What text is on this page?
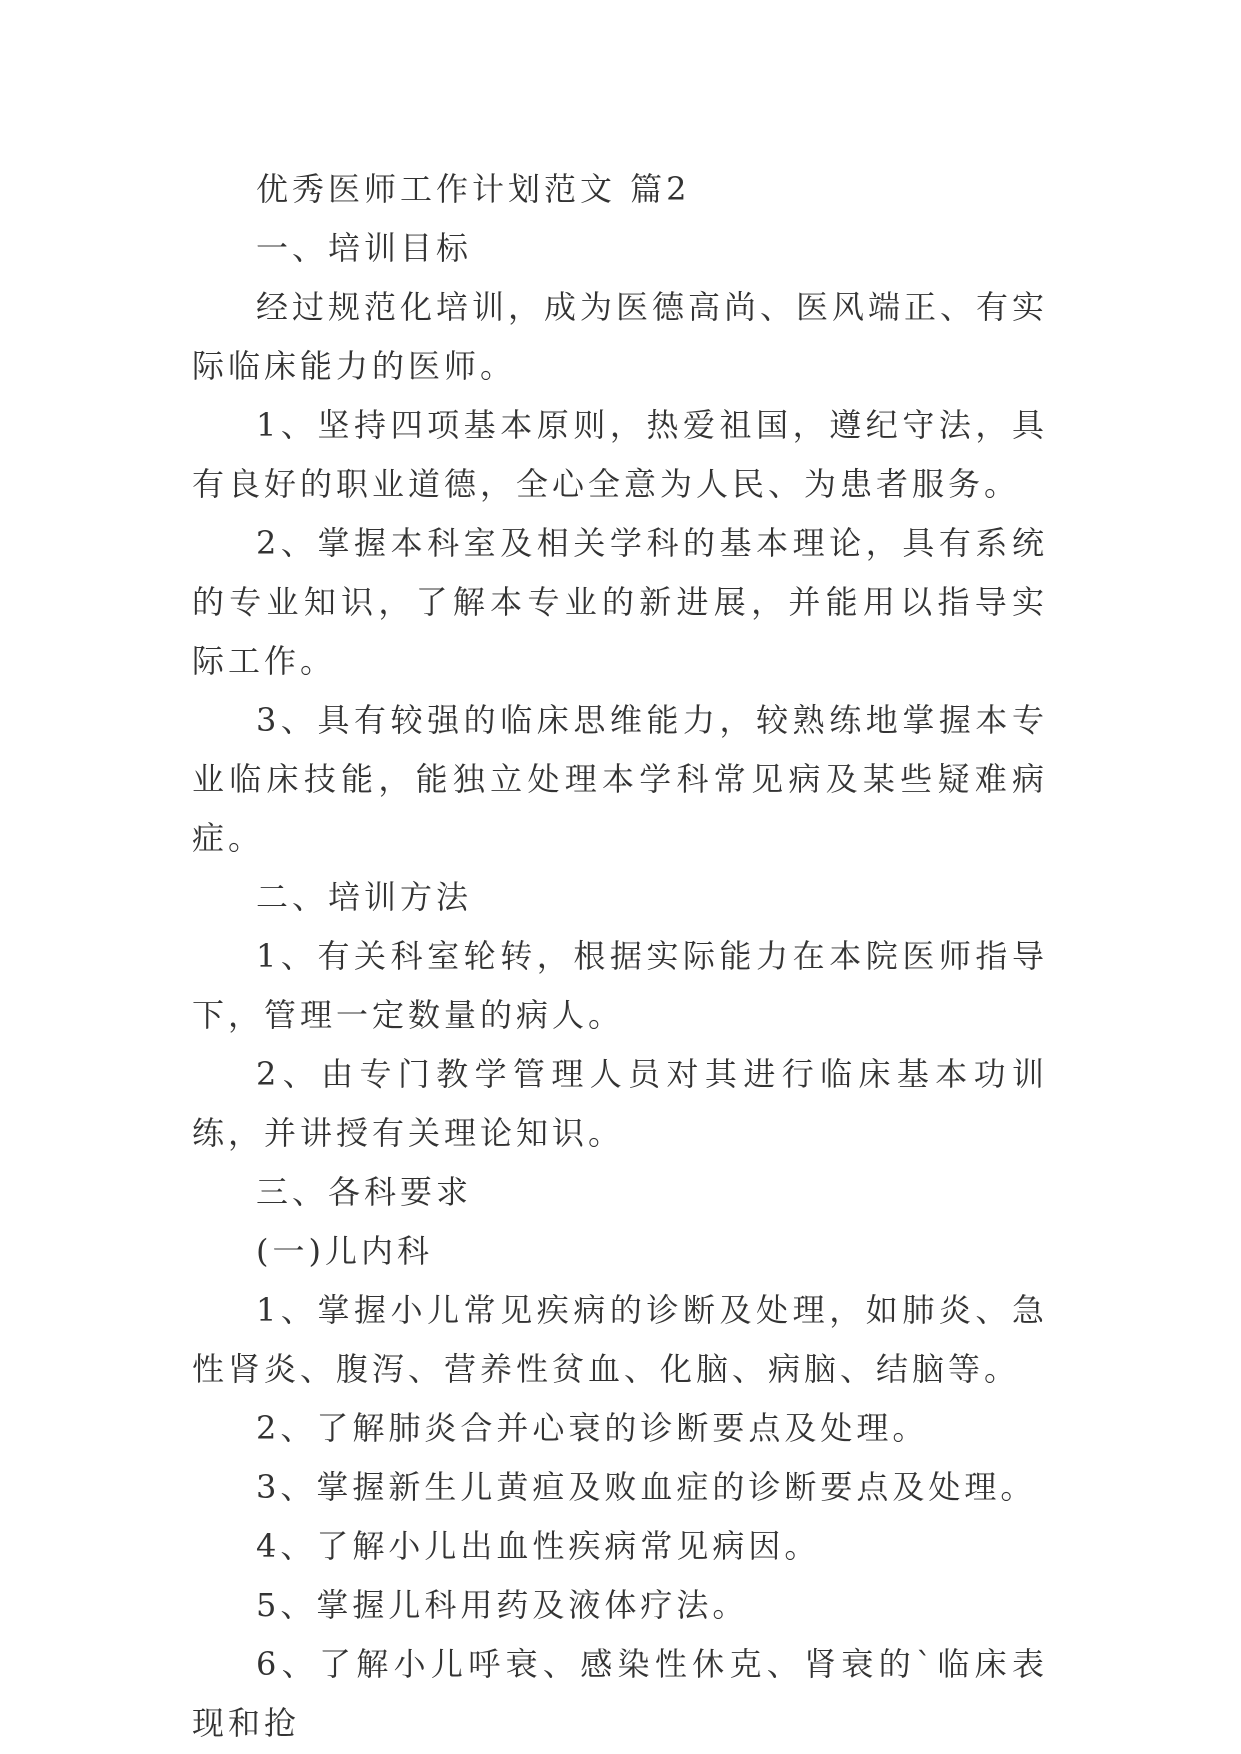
优秀医师工作计划范文 篇2

一、培训目标

经过规范化培训，成为医德高尚、医风端正、有实际临床能力的医师。

1、坚持四项基本原则，热爱祖国，遵纪守法，具有良好的职业道德，全心全意为人民、为患者服务。

2、掌握本科室及相关学科的基本理论，具有系统的专业知识，了解本专业的新进展，并能用以指导实际工作。

3、具有较强的临床思维能力，较熟练地掌握本专业临床技能，能独立处理本学科常见病及某些疑难病症。

二、培训方法

1、有关科室轮转，根据实际能力在本院医师指导下，管理一定数量的病人。

2、由专门教学管理人员对其进行临床基本功训练，并讲授有关理论知识。

三、各科要求

(一)儿内科

1、掌握小儿常见疾病的诊断及处理，如肺炎、急性肾炎、腹泻、营养性贫血、化脑、病脑、结脑等。

2、了解肺炎合并心衰的诊断要点及处理。

3、掌握新生儿黄疸及败血症的诊断要点及处理。

4、了解小儿出血性疾病常见病因。

5、掌握儿科用药及液体疗法。

6、了解小儿呼衰、感染性休克、肾衰的`临床表现和抢
